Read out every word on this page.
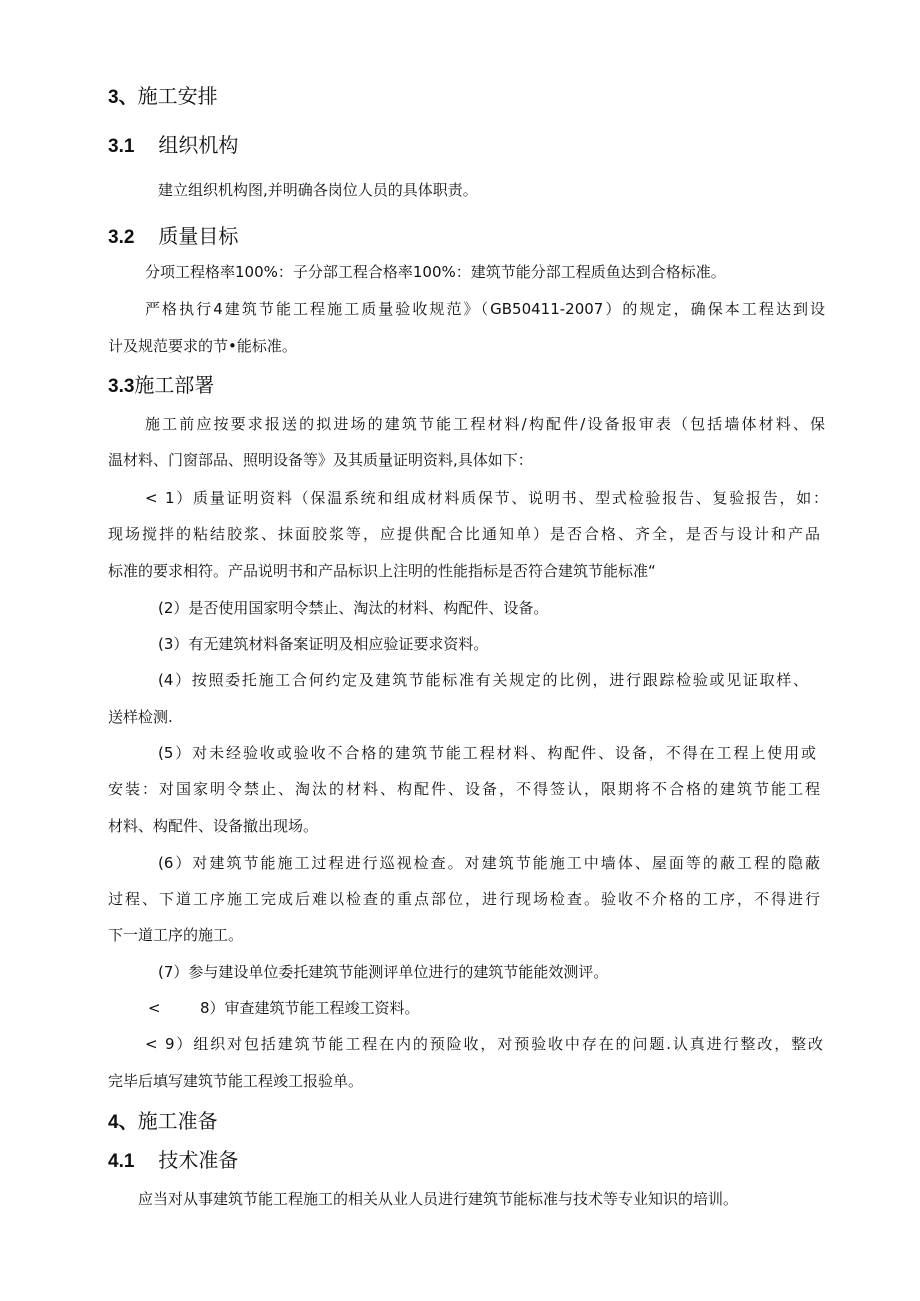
3、施工安排
3.1 组织机构
建立组织机构图,并明确各岗位人员的具体职责。
3.2 质量目标
分项工程格率100%：子分部工程合格率100%：建筑节能分部工程质鱼达到合格标准。
严格执行4建筑节能工程施工质量验收规范》（GB50411-2007）的规定，确保本工程达到设
计及规范要求的节•能标准。
3.3施工部署
施工前应按要求报送的拟进场的建筑节能工程材料/构配件/设备报审表（包括墙体材料、保
温材料、门窗部品、照明设备等》及其质量证明资料,具体如下：
< 1）质量证明资料（保温系统和组成材料质保节、说明书、型式检验报告、复验报告，如：
现场搅拌的粘结胶浆、抹面胶浆等，应提供配合比通知单）是否合格、齐全，是否与设计和产品
标准的要求相符。产品说明书和产品标识上注明的性能指标是否符合建筑节能标准“
(2）是否使用国家明令禁止、淘汰的材料、构配件、设备。
(3）有无建筑材料备案证明及相应验证要求资料。
(4）按照委托施工合何约定及建筑节能标准有关规定的比例，进行跟踪检验或见证取样、
送样检测.
(5）对未经验收或验收不合格的建筑节能工程材料、构配件、设备，不得在工程上使用或
安装：对国家明令禁止、淘汰的材料、构配件、设备，不得签认，限期将不合格的建筑节能工程
材料、构配件、设备撤出现场。
(6）对建筑节能施工过程进行巡视检查。对建筑节能施工中墙体、屋面等的蔽工程的隐蔽
过程、下道工序施工完成后难以检查的重点部位，进行现场检查。验收不介格的工序，不得进行
下一道工序的施工。
(7）参与建设单位委托建筑节能测评单位进行的建筑节能能效测评。
<	8）审查建筑节能工程竣工资料。
< 9）组织对包括建筑节能工程在内的预险收，对预验收中存在的问题.认真进行整改，整改
完毕后填写建筑节能工程竣工报验单。
4、施工准备
4.1 技术准备
应当对从事建筑节能工程施工的相关从业人员进行建筑节能标准与技术等专业知识的培训。
